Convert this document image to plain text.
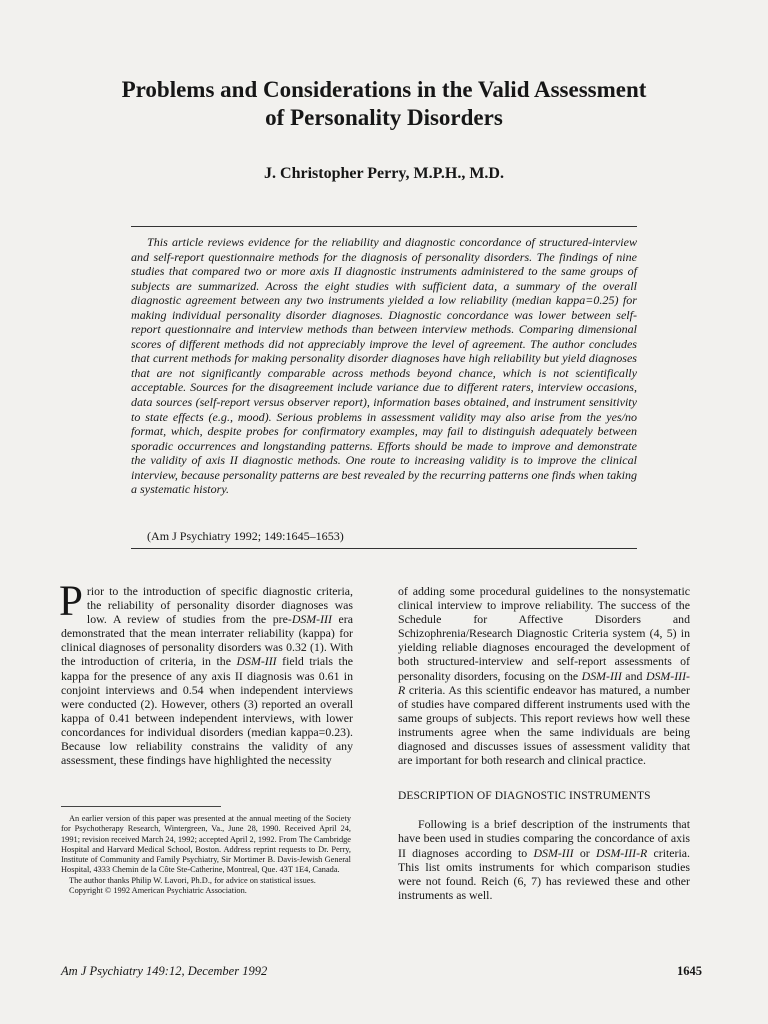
Problems and Considerations in the Valid Assessment
of Personality Disorders
J. Christopher Perry, M.P.H., M.D.

This article reviews evidence for the reliability and diagnostic concordance of structured-interview and self-report questionnaire methods for the diagnosis of personality disorders. The findings of nine studies that compared two or more axis II diagnostic instruments administered to the same groups of subjects are summarized. Across the eight studies with sufficient data, a summary of the overall diagnostic agreement between any two instruments yielded a low reliability (median kappa=0.25) for making individual personality disorder diagnoses. Diagnostic concordance was lower between self-report questionnaire and interview methods than between interview methods. Comparing dimensional scores of different methods did not appreciably improve the level of agreement. The author concludes that current methods for making personality disorder diagnoses have high reliability but yield diagnoses that are not significantly comparable across methods beyond chance, which is not scientifically acceptable. Sources for the disagreement include variance due to different raters, interview occasions, data sources (self-report versus observer report), information bases obtained, and instrument sensitivity to state effects (e.g., mood). Serious problems in assessment validity may also arise from the yes/no format, which, despite probes for confirmatory examples, may fail to distinguish adequately between sporadic occurrences and longstanding patterns. Efforts should be made to improve and demonstrate the validity of axis II diagnostic methods. One route to increasing validity is to improve the clinical interview, because personality patterns are best revealed by the recurring patterns one finds when taking a systematic history.

(Am J Psychiatry 1992; 149:1645–1653)

Prior to the introduction of specific diagnostic criteria, the reliability of personality disorder diagnoses was low. A review of studies from the pre-DSM-III era demonstrated that the mean interrater reliability (kappa) for clinical diagnoses of personality disorders was 0.32 (1). With the introduction of criteria, in the DSM-III field trials the kappa for the presence of any axis II diagnosis was 0.61 in conjoint interviews and 0.54 when independent interviews were conducted (2). However, others (3) reported an overall kappa of 0.41 between independent interviews, with lower concordances for individual disorders (median kappa=0.23). Because low reliability constrains the validity of any assessment, these findings have highlighted the necessity

of adding some procedural guidelines to the nonsystematic clinical interview to improve reliability. The success of the Schedule for Affective Disorders and Schizophrenia/Research Diagnostic Criteria system (4, 5) in yielding reliable diagnoses encouraged the development of both structured-interview and self-report assessments of personality disorders, focusing on the DSM-III and DSM-III-R criteria. As this scientific endeavor has matured, a number of studies have compared different instruments used with the same groups of subjects. This report reviews how well these instruments agree when the same individuals are being diagnosed and discusses issues of assessment validity that are important for both research and clinical practice.

DESCRIPTION OF DIAGNOSTIC INSTRUMENTS

Following is a brief description of the instruments that have been used in studies comparing the concordance of axis II diagnoses according to DSM-III or DSM-III-R criteria. This list omits instruments for which comparison studies were not found. Reich (6, 7) has reviewed these and other instruments as well.

An earlier version of this paper was presented at the annual meeting of the Society for Psychotherapy Research, Wintergreen, Va., June 28, 1990. Received April 24, 1991; revision received March 24, 1992; accepted April 2, 1992. From The Cambridge Hospital and Harvard Medical School, Boston. Address reprint requests to Dr. Perry, Institute of Community and Family Psychiatry, Sir Mortimer B. Davis-Jewish General Hospital, 4333 Chemin de la Côte Ste-Catherine, Montreal, Que. 43T 1E4, Canada.

The author thanks Philip W. Lavori, Ph.D., for advice on statistical issues.

Copyright © 1992 American Psychiatric Association.

Am J Psychiatry 149:12, December 1992	1645
